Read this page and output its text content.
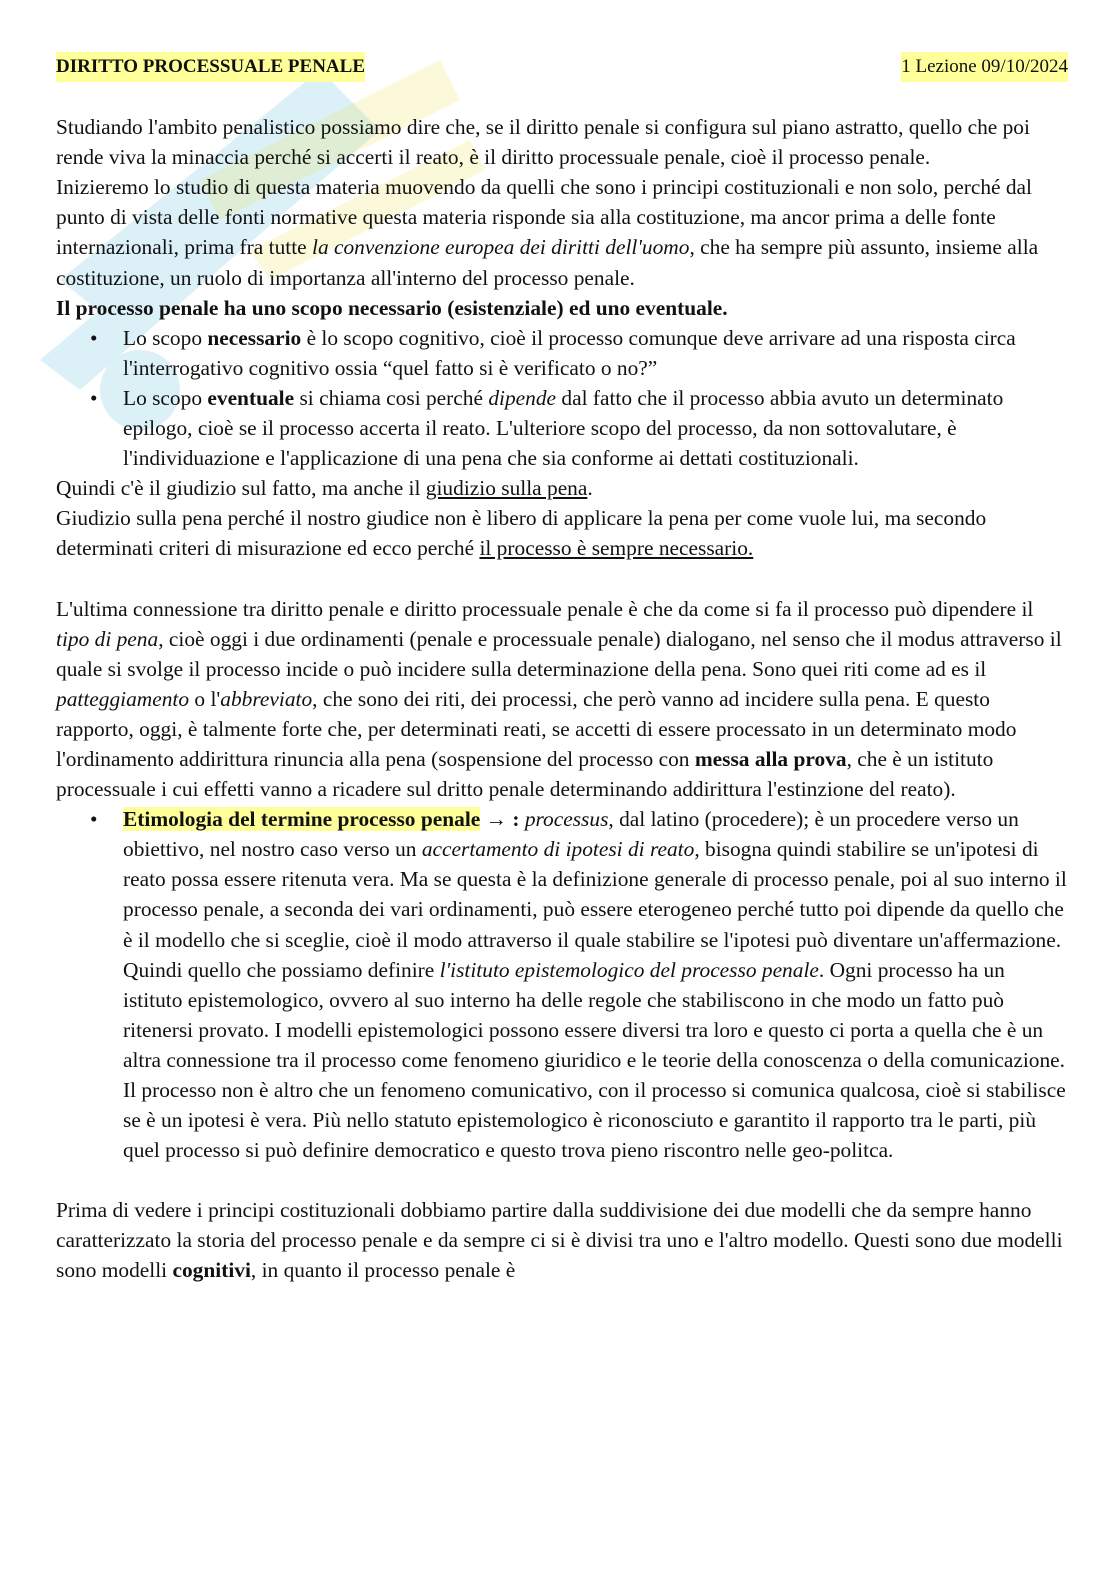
DIRITTO PROCESSUALE PENALE	1 Lezione 09/10/2024

Studiando l'ambito penalistico possiamo dire che, se il diritto penale si configura sul piano astratto, quello che poi rende viva la minaccia perché si accerti il reato, è il diritto processuale penale, cioè il processo penale.

Inizieremo lo studio di questa materia muovendo da quelli che sono i principi costituzionali e non solo, perché dal punto di vista delle fonti normative questa materia risponde sia alla costituzione, ma ancor prima a delle fonte internazionali, prima fra tutte la convenzione europea dei diritti dell'uomo, che ha sempre più assunto, insieme alla costituzione, un ruolo di importanza all'interno del processo penale.

Il processo penale ha uno scopo necessario (esistenziale) ed uno eventuale.

• Lo scopo necessario è lo scopo cognitivo, cioè il processo comunque deve arrivare ad una risposta circa l'interrogativo cognitivo ossia “quel fatto si è verificato o no?”
• Lo scopo eventuale si chiama cosi perché dipende dal fatto che il processo abbia avuto un determinato epilogo, cioè se il processo accerta il reato. L'ulteriore scopo del processo, da non sottovalutare, è l'individuazione e l'applicazione di una pena che sia conforme ai dettati costituzionali.

Quindi c'è il giudizio sul fatto, ma anche il giudizio sulla pena.

Giudizio sulla pena perché il nostro giudice non è libero di applicare la pena per come vuole lui, ma secondo determinati criteri di misurazione ed ecco perché il processo è sempre necessario.

L'ultima connessione tra diritto penale e diritto processuale penale è che da come si fa il processo può dipendere il tipo di pena, cioè oggi i due ordinamenti (penale e processuale penale) dialogano, nel senso che il modus attraverso il quale si svolge il processo incide o può incidere sulla determinazione della pena. Sono quei riti come ad es il patteggiamento o l'abbreviato, che sono dei riti, dei processi, che però vanno ad incidere sulla pena. E questo rapporto, oggi, è talmente forte che, per determinati reati, se accetti di essere processato in un determinato modo l'ordinamento addirittura rinuncia alla pena (sospensione del processo con messa alla prova, che è un istituto processuale i cui effetti vanno a ricadere sul dritto penale determinando addirittura l'estinzione del reato).

• Etimologia del termine processo penale → : processus, dal latino (procedere); è un procedere verso un obiettivo, nel nostro caso verso un accertamento di ipotesi di reato, bisogna quindi stabilire se un'ipotesi di reato possa essere ritenuta vera. Ma se questa è la definizione generale di processo penale, poi al suo interno il processo penale, a seconda dei vari ordinamenti, può essere eterogeneo perché tutto poi dipende da quello che è il modello che si sceglie, cioè il modo attraverso il quale stabilire se l'ipotesi può diventare un'affermazione. Quindi quello che possiamo definire l'istituto epistemologico del processo penale. Ogni processo ha un istituto epistemologico, ovvero al suo interno ha delle regole che stabiliscono in che modo un fatto può ritenersi provato. I modelli epistemologici possono essere diversi tra loro e questo ci porta a quella che è un altra connessione tra il processo come fenomeno giuridico e le teorie della conoscenza o della comunicazione. Il processo non è altro che un fenomeno comunicativo, con il processo si comunica qualcosa, cioè si stabilisce se è un ipotesi è vera. Più nello statuto epistemologico è riconosciuto e garantito il rapporto tra le parti, più quel processo si può definire democratico e questo trova pieno riscontro nelle geo-politca.

Prima di vedere i principi costituzionali dobbiamo partire dalla suddivisione dei due modelli che da sempre hanno caratterizzato la storia del processo penale e da sempre ci si è divisi tra uno e l'altro modello. Questi sono due modelli sono modelli cognitivi, in quanto il processo penale è
